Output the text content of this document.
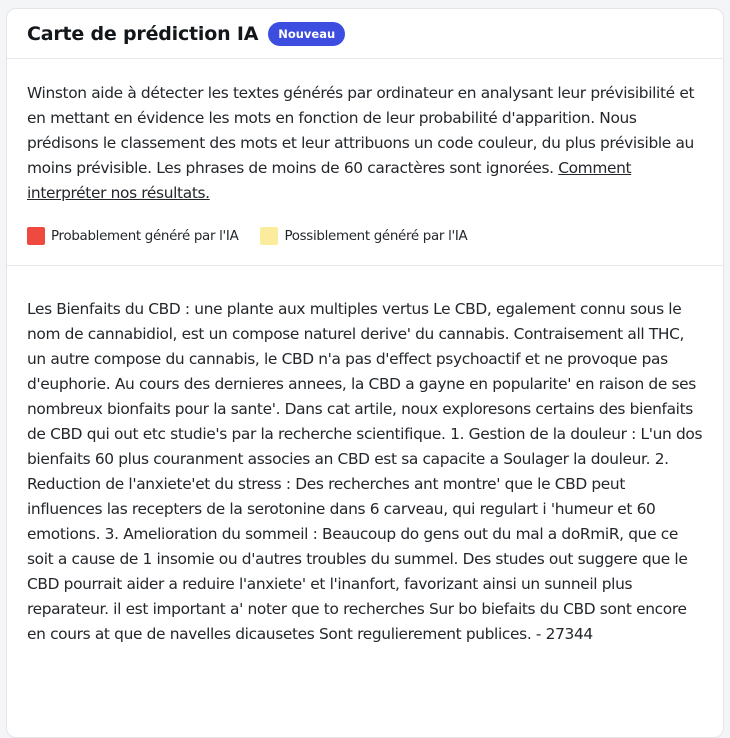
Carte de prédiction IA	Nouveau

Winston aide à détecter les textes générés par ordinateur en analysant leur prévisibilité et en mettant en évidence les mots en fonction de leur probabilité d'apparition. Nous prédisons le classement des mots et leur attribuons un code couleur, du plus prévisible au moins prévisible. Les phrases de moins de 60 caractères sont ignorées. Comment interpréter nos résultats.

Probablement généré par l'IA	Possiblement généré par l'IA

Les Bienfaits du CBD : une plante aux multiples vertus Le CBD, egalement connu sous le nom de cannabidiol, est un compose naturel derive' du cannabis. Contraisement all THC, un autre compose du cannabis, le CBD n'a pas d'effect psychoactif et ne provoque pas d'euphorie. Au cours des dernieres annees, la CBD a gayne en popularite' en raison de ses nombreux bionfaits pour la sante'. Dans cat artile, noux exploresons certains des bienfaits de CBD qui out etc studie's par la recherche scientifique. 1. Gestion de la douleur : L'un dos bienfaits 60 plus couranment associes an CBD est sa capacite a Soulager la douleur. 2. Reduction de l'anxiete'et du stress : Des recherches ant montre' que le CBD peut influences las recepters de la serotonine dans 6 carveau, qui regulart i 'humeur et 60 emotions. 3. Amelioration du sommeil : Beaucoup do gens out du mal a doRmiR, que ce soit a cause de 1 insomie ou d'autres troubles du summel. Des studes out suggere que le CBD pourrait aider a reduire l'anxiete' et l'inanfort, favorizant ainsi un sunneil plus reparateur. il est important a' noter que to recherches Sur bo biefaits du CBD sont encore en cours at que de navelles dicausetes Sont regulierement publices. - 27344
